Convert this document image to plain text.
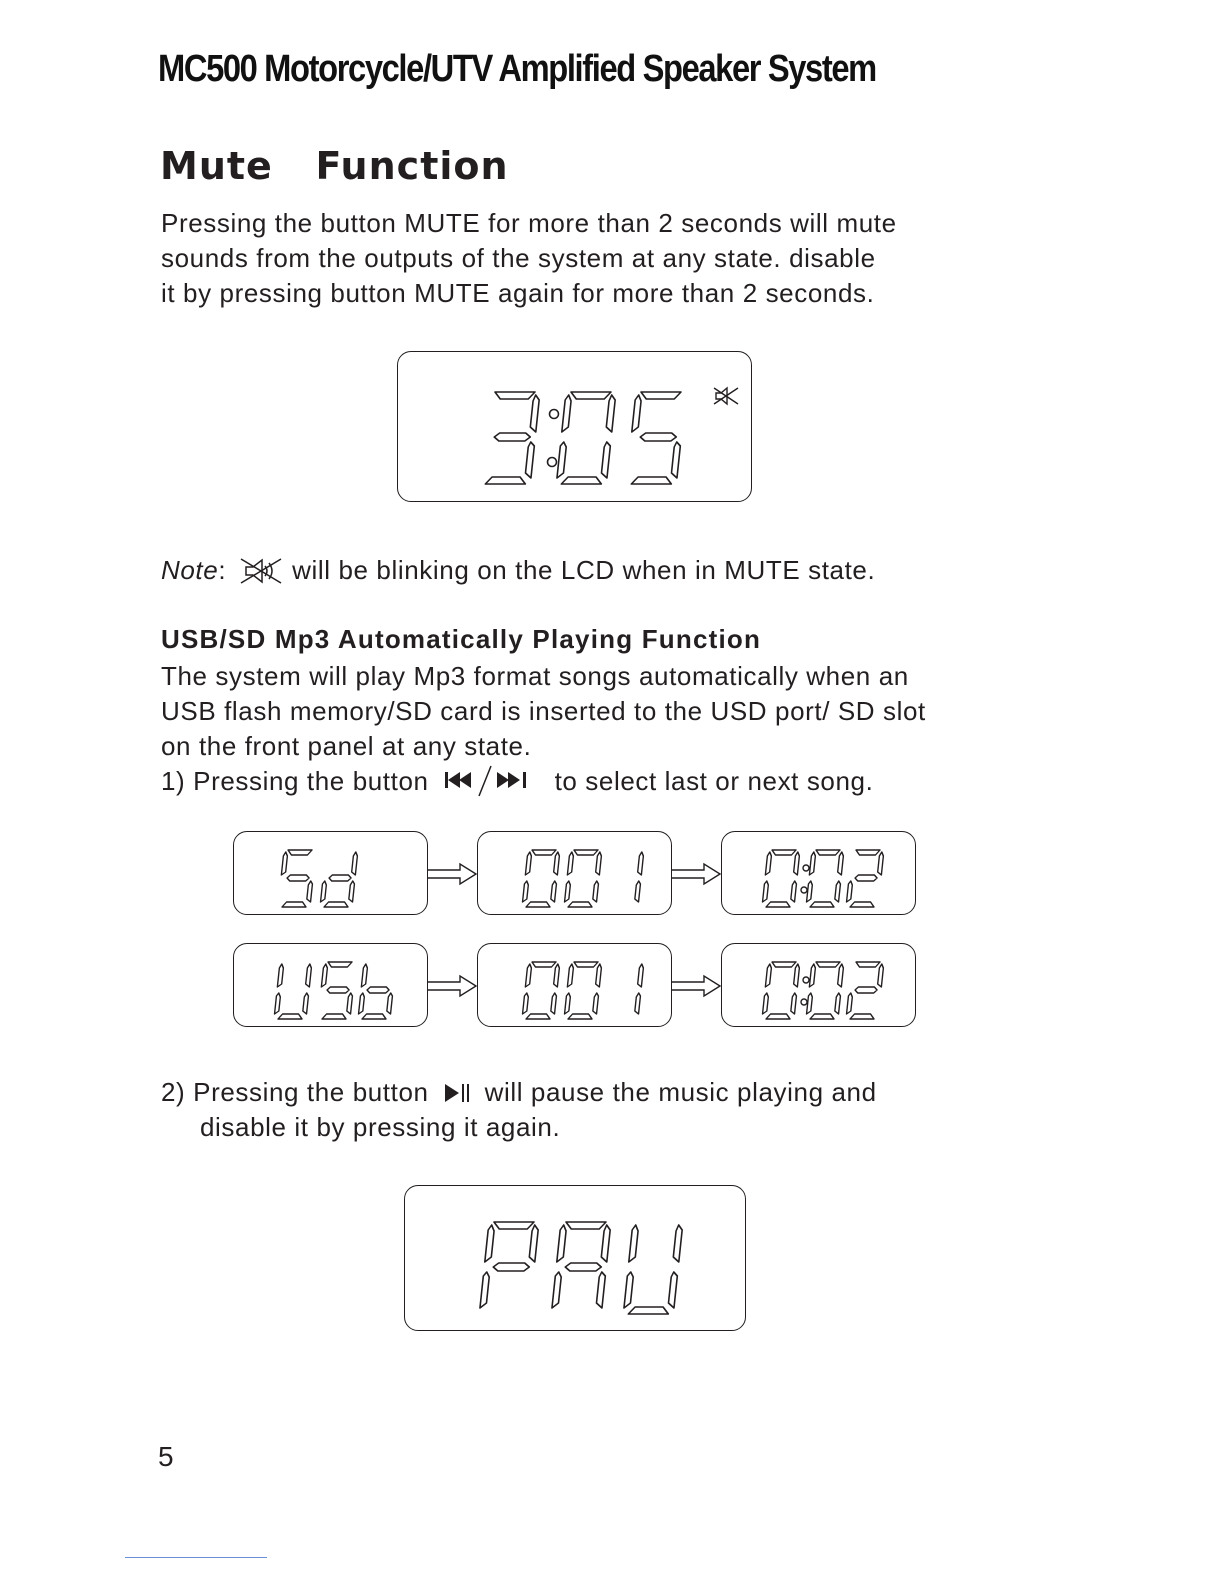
MC500 Motorcycle/UTV Amplified Speaker System
Mute   Function

Pressing the button MUTE for more than 2 seconds will mute

sounds from the outputs of the system at any state. disable

it by pressing button MUTE again for more than 2 seconds.

Note :	will be blinking on the LCD when in MUTE state.
USB/SD Mp3 Automatically Playing Function

The system will play Mp3 format songs automatically when an

USB flash memory/SD card is inserted to the USD port/ SD slot

on the front panel at any state.

1) Pressing the button	to select last or next song.
2) Pressing the button will pause the music playing and
disable it by pressing it again.
5
